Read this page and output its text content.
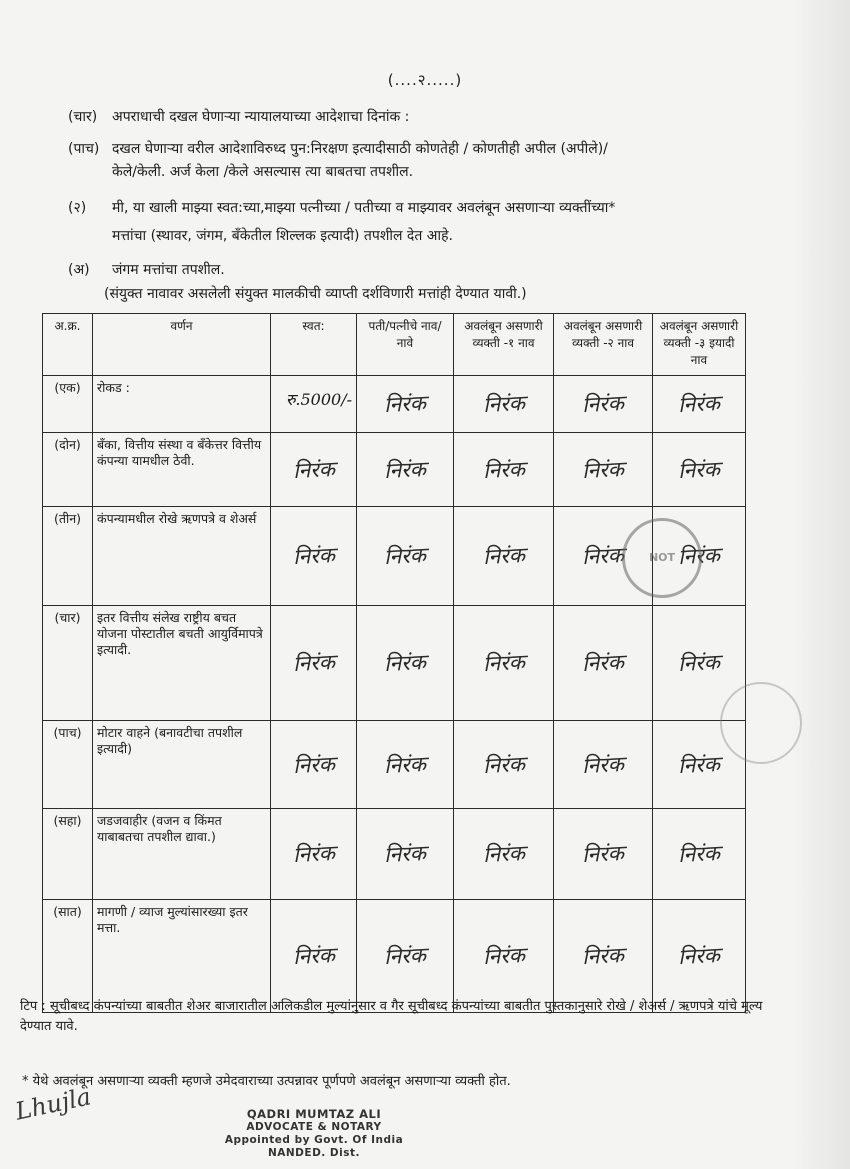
(....२.....)
(चार) अपराधाची दखल घेणाऱ्या न्यायालयाच्या आदेशाचा दिनांक :
(पाच) दखल घेणाऱ्या वरील आदेशाविरुध्द पुन:निरक्षण इत्यादीसाठी कोणतेही / कोणतीही अपील (अपीले)/
केले/केली. अर्ज केला /केले असल्यास त्या बाबतचा तपशील.
(२) मी, या खाली माझ्या स्वत:च्या,माझ्या पत्नीच्या / पतीच्या व माझ्यावर अवलंबून असणाऱ्या व्यक्तींच्या*
मत्तांचा (स्थावर, जंगम, बँकेतील शिल्लक इत्यादी) तपशील देत आहे.
(अ) जंगम मत्तांचा तपशील.
(संयुक्त नावावर असलेली संयुक्त मालकीची व्याप्ती दर्शविणारी मत्तांही देण्यात यावी.)
अ.क्र.	वर्णन	स्वत:	पती/पत्नीचे नाव/ नावे	अवलंबून असणारी व्यक्ती -१ नाव	अवलंबून असणारी व्यक्ती -२ नाव	अवलंबून असणारी व्यक्ती -३ इयादी नाव
(एक)	रोकड :	रु.5000/-	निरंक	निरंक	निरंक	निरंक

(दोन)	बँका, वित्तीय संस्था व बँकेत्तर वित्तीय कंपन्या यामधील ठेवी.	निरंक	निरंक	निरंक	निरंक	निरंक

(तीन)	कंपन्यामधील रोखे ऋणपत्रे व शेअर्स	निरंक	निरंक	निरंक	निरंक	निरंक

(चार)	इतर वित्तीय संलेख राष्ट्रीय बचत योजना पोस्टातील बचती आयुर्विमापत्रे इत्यादी.	निरंक	निरंक	निरंक	निरंक	निरंक

(पाच)	मोटार वाहने (बनावटीचा तपशील इत्यादी)	निरंक	निरंक	निरंक	निरंक	निरंक

(सहा)	जडजवाहीर (वजन व किंमत याबाबतचा तपशील द्यावा.)	निरंक	निरंक	निरंक	निरंक	निरंक

(सात)	मागणी / व्याज मुल्यांसारख्या इतर मत्ता.	निरंक	निरंक	निरंक	निरंक	निरंक
NOT
टिप : सूचीबध्द कंपन्यांच्या बाबतीत शेअर बाजारातील अलिकडील मुल्यांनुसार व गैर सूचीबध्द कंपन्यांच्या बाबतीत पुस्तकानुसारे रोखे / शेअर्स / ऋणपत्रे यांचे मूल्य देण्यात यावे.
* येथे अवलंबून असणाऱ्या व्यक्ती म्हणजे उमेदवाराच्या उत्पन्नावर पूर्णपणे अवलंबून असणाऱ्या व्यक्ती होत.
Lhujla	QADRI MUMTAZ ALI
ADVOCATE & NOTARY
Appointed by Govt. Of India
NANDED. Dist.
